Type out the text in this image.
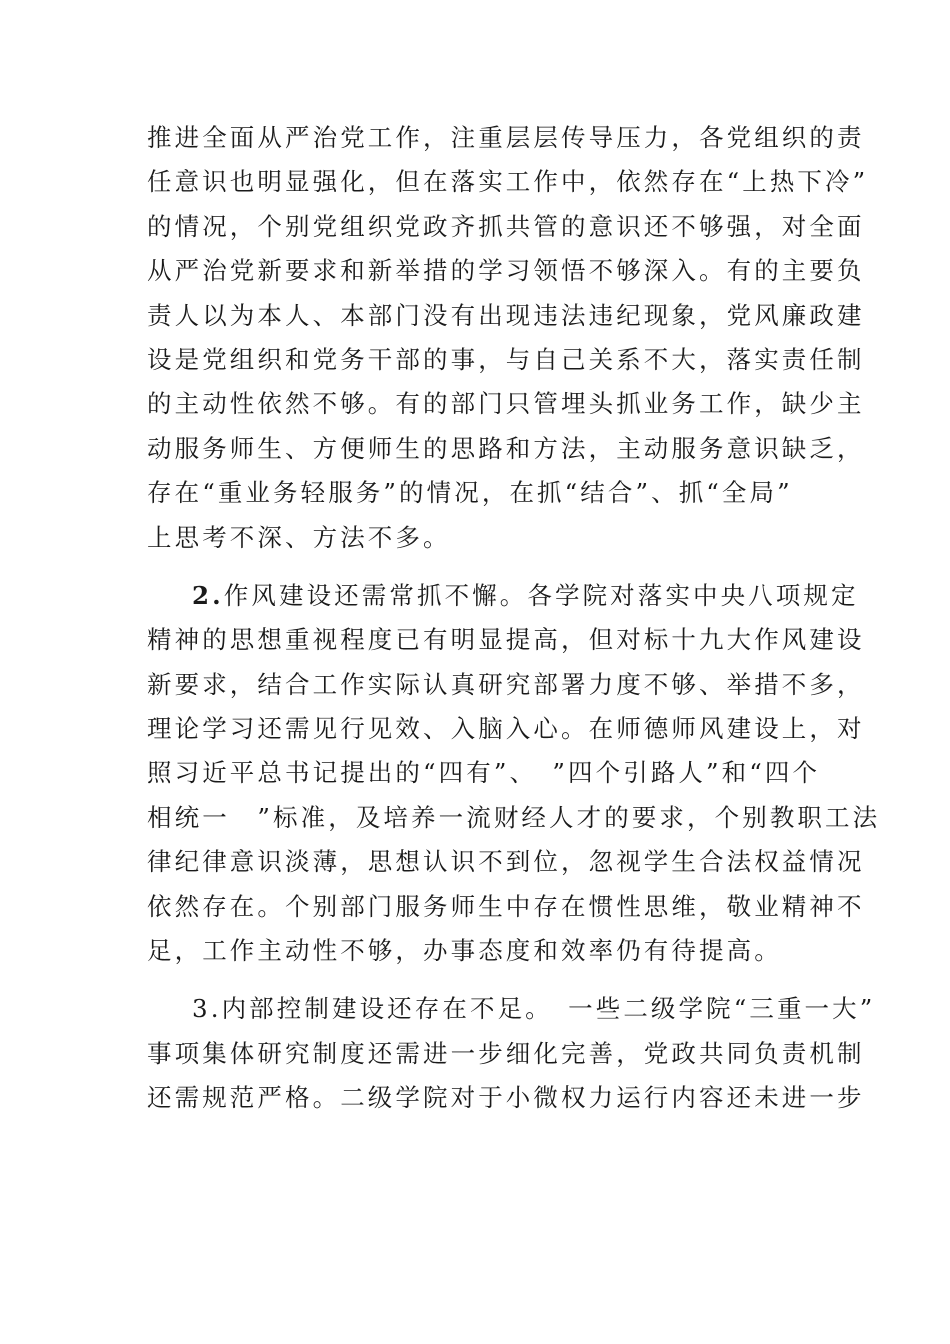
推进全面从严治党工作，注重层层传导压力，各党组织的责
任意识也明显强化，但在落实工作中，依然存在“上热下冷”
的情况，个别党组织党政齐抓共管的意识还不够强，对全面
从严治党新要求和新举措的学习领悟不够深入。有的主要负
责人以为本人、本部门没有出现违法违纪现象，党风廉政建
设是党组织和党务干部的事，与自己关系不大，落实责任制
的主动性依然不够。有的部门只管埋头抓业务工作，缺少主
动服务师生、方便师生的思路和方法，主动服务意识缺乏，
存在“重业务轻服务”的情况，在抓“结合”、抓“全局”
上思考不深、方法不多。
2.作风建设还需常抓不懈。各学院对落实中央八项规定
精神的思想重视程度已有明显提高，但对标十九大作风建设
新要求，结合工作实际认真研究部署力度不够、举措不多，
理论学习还需见行见效、入脑入心。在师德师风建设上，对
照习近平总书记提出的“四有”、　”四个引路人”和“四个
相统一　”标准，及培养一流财经人才的要求，个别教职工法
律纪律意识淡薄，思想认识不到位，忽视学生合法权益情况
依然存在。个别部门服务师生中存在惯性思维，敬业精神不
足，工作主动性不够，办事态度和效率仍有待提高。
3.内部控制建设还存在不足。　一些二级学院“三重一大”
事项集体研究制度还需进一步细化完善，党政共同负责机制
还需规范严格。二级学院对于小微权力运行内容还未进一步
